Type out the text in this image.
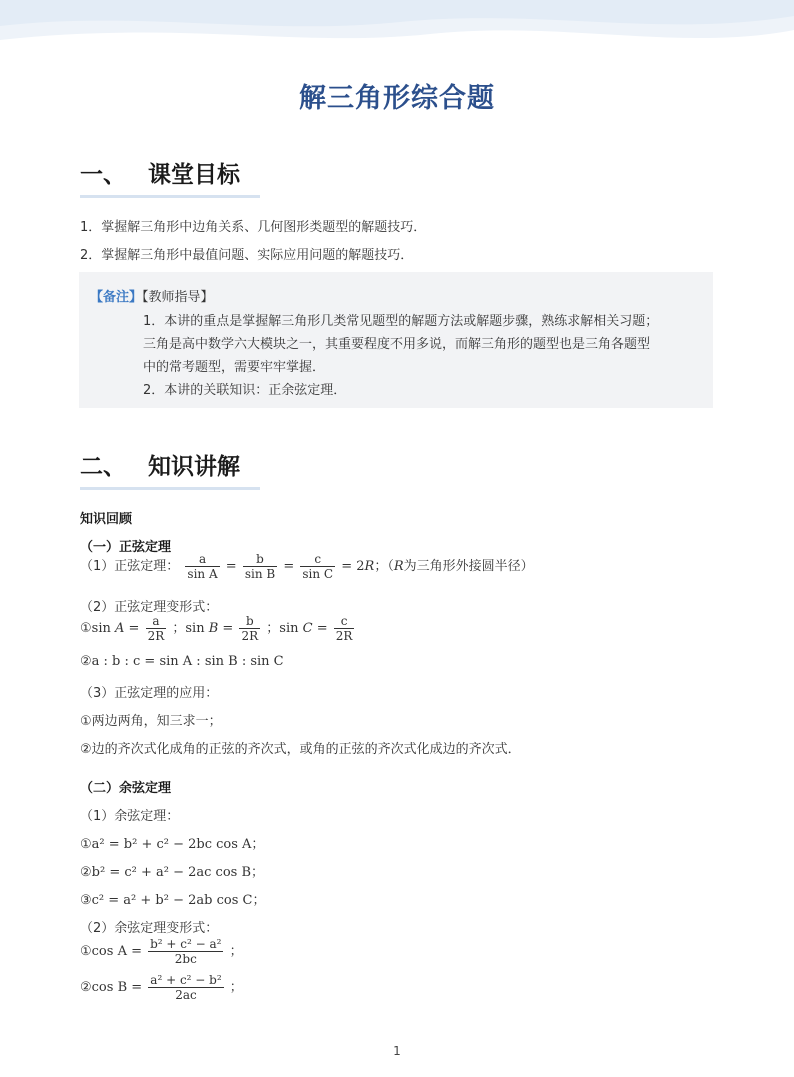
解三角形综合题
一、 课堂目标
1．掌握解三角形中边角关系、几何图形类题型的解题技巧．
2．掌握解三角形中最值问题、实际应用问题的解题技巧．
【备注】【教师指导】
1．本讲的重点是掌握解三角形几类常见题型的解题方法或解题步骤，熟练求解相关习题；
三角是高中数学六大模块之一，其重要程度不用多说，而解三角形的题型也是三角各题型
中的常考题型，需要牢牢掌握．
2．本讲的关联知识：正余弦定理．
二、 知识讲解
知识回顾
（一）正弦定理
（1）正弦定理： $\frac{a}{\text{sin A}} = \frac{b}{\text{sin B}} = \frac{c}{\text{sin C}} = 2R$；（R为三角形外接圆半径）
（2）正弦定理变形式：
①sin $A = \frac{a}{2R}$ ；$\sin B = \frac{b}{2R}$ ；$\sin C = \frac{c}{2R}$
②a : b : c = sin A : sin B : sin C
（3）正弦定理的应用：
①两边两角，知三求一；
②边的齐次式化成角的正弦的齐次式，或角的正弦的齐次式化成边的齐次式．
（二）余弦定理
（1）余弦定理：
①a² = b² + c² − 2bc cos A；
②b² = c² + a² − 2ac cos B；
③c² = a² + b² − 2ab cos C；
（2）余弦定理变形式：
①cos $A = \frac{\text{b² + c² − a²}}{2bc}$ ；
②cos $B = \frac{\text{a² + c² − b²}}{2ac}$ ；
1
